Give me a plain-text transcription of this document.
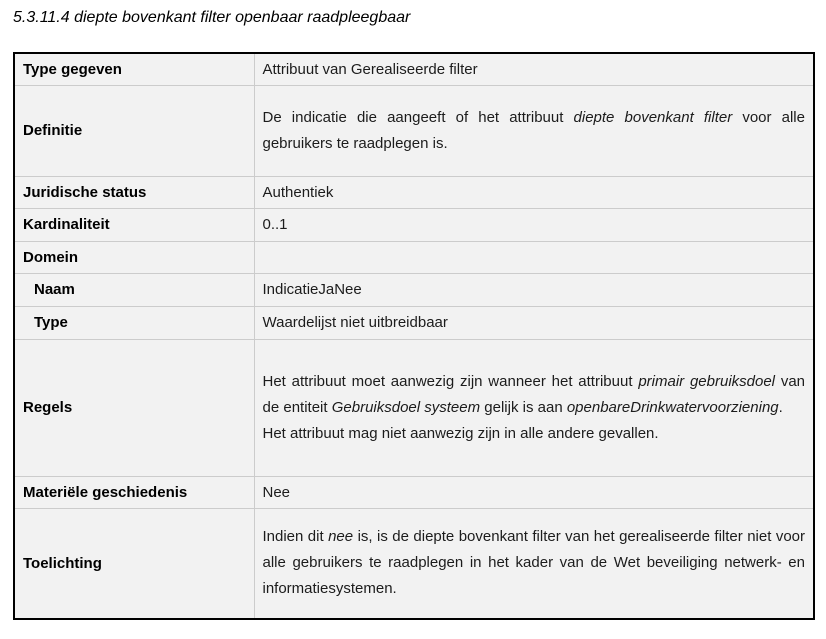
5.3.11.4 diepte bovenkant filter openbaar raadpleegbaar
Type gegeven	Attribuut van Gerealiseerde filter
Definitie	De indicatie die aangeeft of het attribuut diepte bovenkant filter voor alle gebruikers te raadplegen is.

Juridische status	Authentiek
Kardinaliteit	0..1
Domein	
Naam	IndicatieJaNee
Type	Waardelijst niet uitbreidbaar
Regels	Het attribuut moet aanwezig zijn wanneer het attribuut primair gebruiksdoel van de entiteit Gebruiksdoel systeem gelijk is aan openbareDrinkwatervoorziening.
Het attribuut mag niet aanwezig zijn in alle andere gevallen.

Materiële geschiedenis	Nee
Toelichting	Indien dit nee is, is de diepte bovenkant filter van het gerealiseerde filter niet voor alle gebruikers te raadplegen in het kader van de Wet beveiliging netwerk- en informatiesystemen.
